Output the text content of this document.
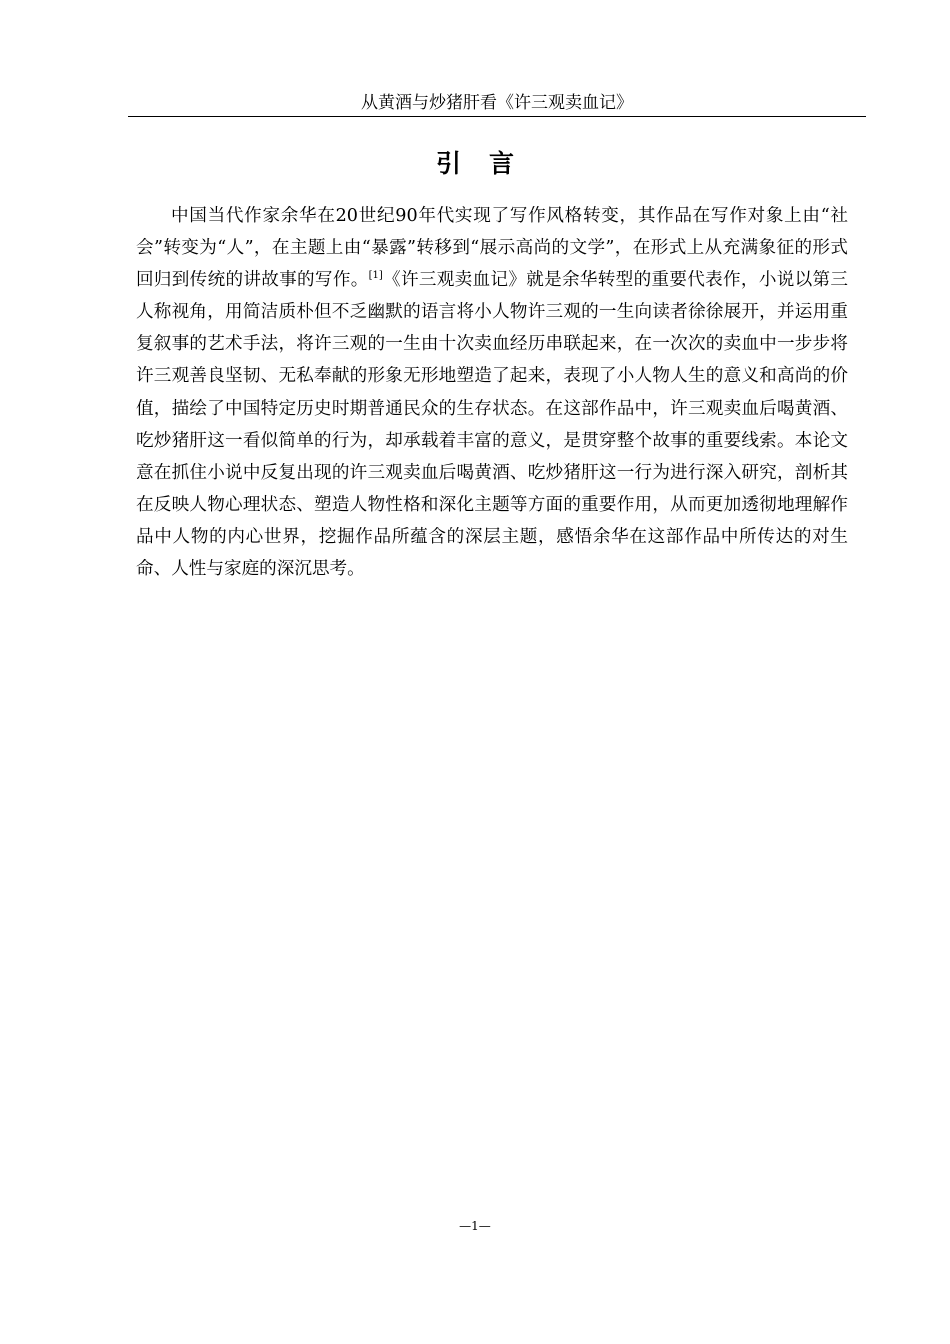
从黄酒与炒猪肝看《许三观卖血记》
引言

中国当代作家余华在20世纪90年代实现了写作风格转变，其作品在写作对象上由“社会”转变为“人”，在主题上由“暴露”转移到“展示高尚的文学”，在形式上从充满象征的形式回归到传统的讲故事的写作。[1]《许三观卖血记》就是余华转型的重要代表作，小说以第三人称视角，用简洁质朴但不乏幽默的语言将小人物许三观的一生向读者徐徐展开，并运用重复叙事的艺术手法，将许三观的一生由十次卖血经历串联起来，在一次次的卖血中一步步将许三观善良坚韧、无私奉献的形象无形地塑造了起来，表现了小人物人生的意义和高尚的价值，描绘了中国特定历史时期普通民众的生存状态。在这部作品中，许三观卖血后喝黄酒、吃炒猪肝这一看似简单的行为，却承载着丰富的意义，是贯穿整个故事的重要线索。本论文意在抓住小说中反复出现的许三观卖血后喝黄酒、吃炒猪肝这一行为进行深入研究，剖析其在反映人物心理状态、塑造人物性格和深化主题等方面的重要作用，从而更加透彻地理解作品中人物的内心世界，挖掘作品所蕴含的深层主题，感悟余华在这部作品中所传达的对生命、人性与家庭的深沉思考。

—1—
